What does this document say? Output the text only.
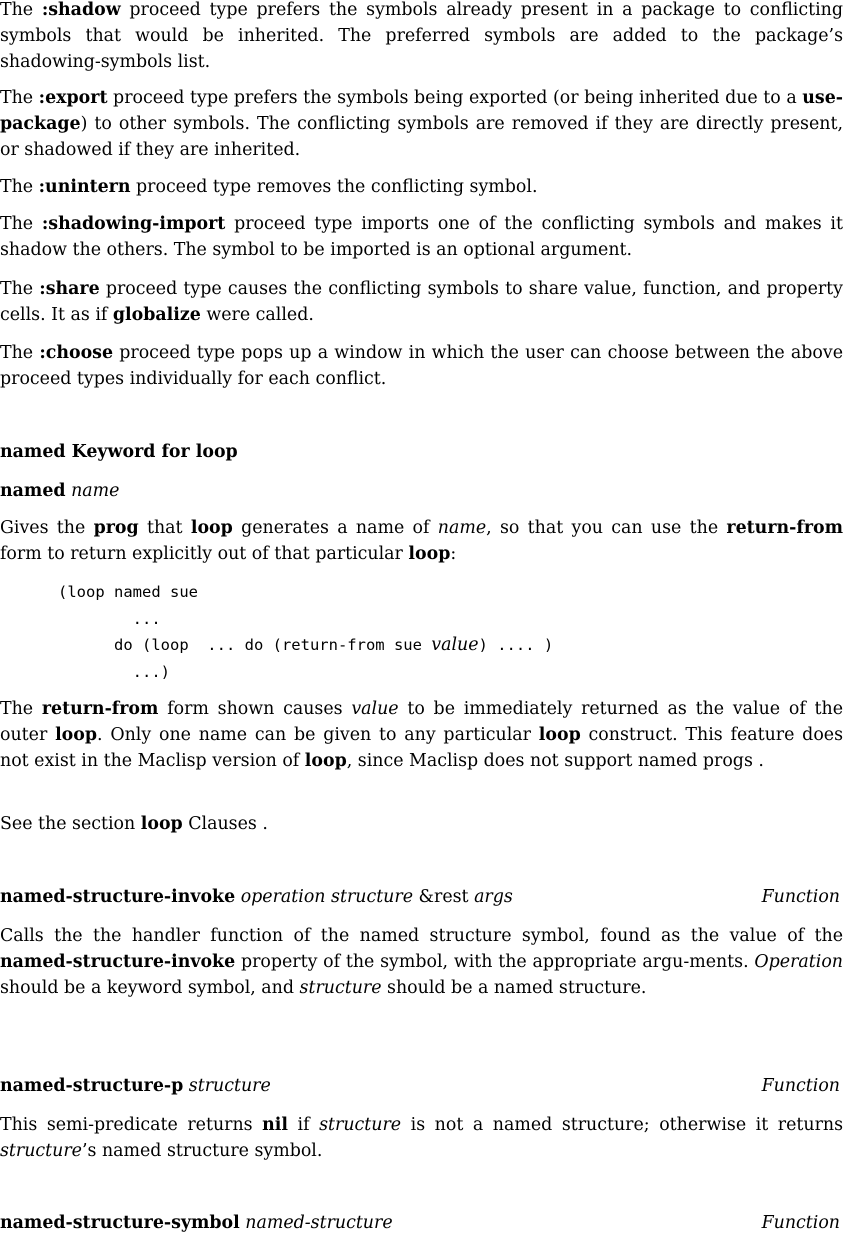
The :shadow proceed type prefers the symbols already present in a package to conflicting symbols that would be inherited. The preferred symbols are added to the package’s shadowing-symbols list.

The :export proceed type prefers the symbols being exported (or being inherited due to a use-package) to other symbols. The conflicting symbols are removed if they are directly present, or shadowed if they are inherited.

The :unintern proceed type removes the conflicting symbol.

The :shadowing-import proceed type imports one of the conflicting symbols and makes it shadow the others. The symbol to be imported is an optional argument.

The :share proceed type causes the conflicting symbols to share value, function, and property cells. It as if globalize were called.

The :choose proceed type pops up a window in which the user can choose between the above proceed types individually for each conflict.

named Keyword for loop

named name

Gives the prog that loop generates a name of name, so that you can use the return-from form to return explicitly out of that particular loop:

(loop named sue
...
do (loop  ... do (return-from sue value) .... )
...)

The return-from form shown causes value to be immediately returned as the value of the outer loop. Only one name can be given to any particular loop construct. This feature does not exist in the Maclisp version of loop, since Maclisp does not support named progs .

See the section loop Clauses .

named-structure-invoke operation structure &rest args	Function

Calls the the handler function of the named structure symbol, found as the value of the named-structure-invoke property of the symbol, with the appropriate argu-ments. Operation should be a keyword symbol, and structure should be a named structure.

named-structure-p structure	Function

This semi-predicate returns nil if structure is not a named structure; otherwise it returns structure’s named structure symbol.

named-structure-symbol named-structure	Function
